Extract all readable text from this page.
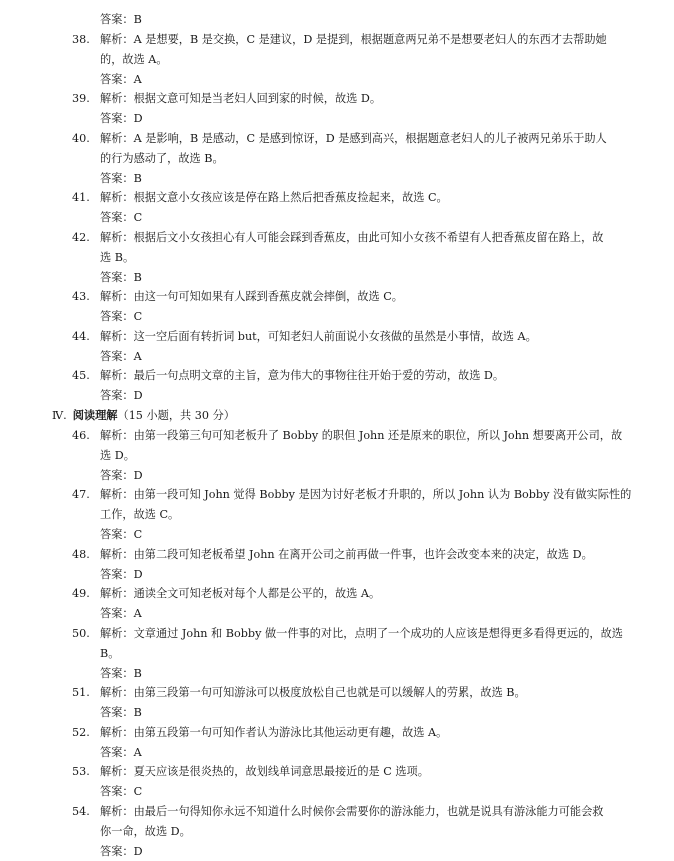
答案：B
38. 解析：A 是想要，B 是交换，C 是建议，D 是提到，根据题意两兄弟不是想要老妇人的东西才去帮助她
的，故选 A。
答案：A
39. 解析：根据文意可知是当老妇人回到家的时候，故选 D。
答案：D
40. 解析：A 是影响，B 是感动，C 是感到惊讶，D 是感到高兴，根据题意老妇人的儿子被两兄弟乐于助人
的行为感动了，故选 B。
答案：B
41. 解析：根据文意小女孩应该是停在路上然后把香蕉皮捡起来，故选 C。
答案：C
42. 解析：根据后文小女孩担心有人可能会踩到香蕉皮，由此可知小女孩不希望有人把香蕉皮留在路上，故
选 B。
答案：B
43. 解析：由这一句可知如果有人踩到香蕉皮就会摔倒，故选 C。
答案：C
44. 解析：这一空后面有转折词 but，可知老妇人前面说小女孩做的虽然是小事情，故选 A。
答案：A
45. 解析：最后一句点明文章的主旨，意为伟大的事物往往开始于爱的劳动，故选 D。
答案：D
Ⅳ. 阅读理解（15 小题，共 30 分）
46. 解析：由第一段第三句可知老板升了 Bobby 的职但 John 还是原来的职位，所以 John 想要离开公司，故
选 D。
答案：D
47. 解析：由第一段可知 John 觉得 Bobby 是因为讨好老板才升职的，所以 John 认为 Bobby 没有做实际性的
工作，故选 C。
答案：C
48. 解析：由第二段可知老板希望 John 在离开公司之前再做一件事，也许会改变本来的决定，故选 D。
答案：D
49. 解析：通读全文可知老板对每个人都是公平的，故选 A。
答案：A
50. 解析：文章通过 John 和 Bobby 做一件事的对比，点明了一个成功的人应该是想得更多看得更远的，故选
B。
答案：B
51. 解析：由第三段第一句可知游泳可以极度放松自己也就是可以缓解人的劳累，故选 B。
答案：B
52. 解析：由第五段第一句可知作者认为游泳比其他运动更有趣，故选 A。
答案：A
53. 解析：夏天应该是很炎热的，故划线单词意思最接近的是 C 选项。
答案：C
54. 解析：由最后一句得知你永远不知道什么时候你会需要你的游泳能力，也就是说具有游泳能力可能会救
你一命，故选 D。
答案：D
